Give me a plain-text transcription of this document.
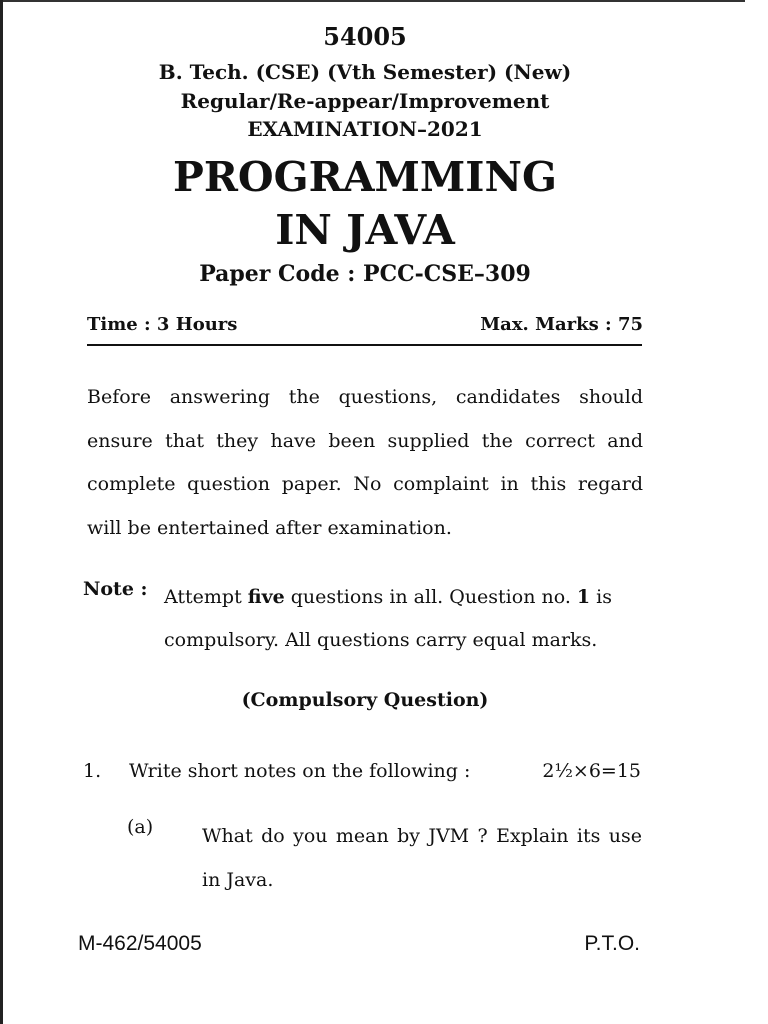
54005
B. Tech. (CSE) (Vth Semester) (New)
Regular/Re-appear/Improvement
EXAMINATION–2021
PROGRAMMING
IN JAVA
Paper Code : PCC-CSE–309
Time : 3 Hours	Max. Marks : 75

Before answering the questions, candidates should ensure that they have been supplied the correct and complete question paper. No complaint in this regard will be entertained after examination.

Note : Attempt five questions in all. Question no. 1 is compulsory. All questions carry equal marks.

(Compulsory Question)
1. Write short notes on the following :	2½×6=15
(a)	What do you mean by JVM ? Explain its use in Java.

M-462/54005	P.T.O.
